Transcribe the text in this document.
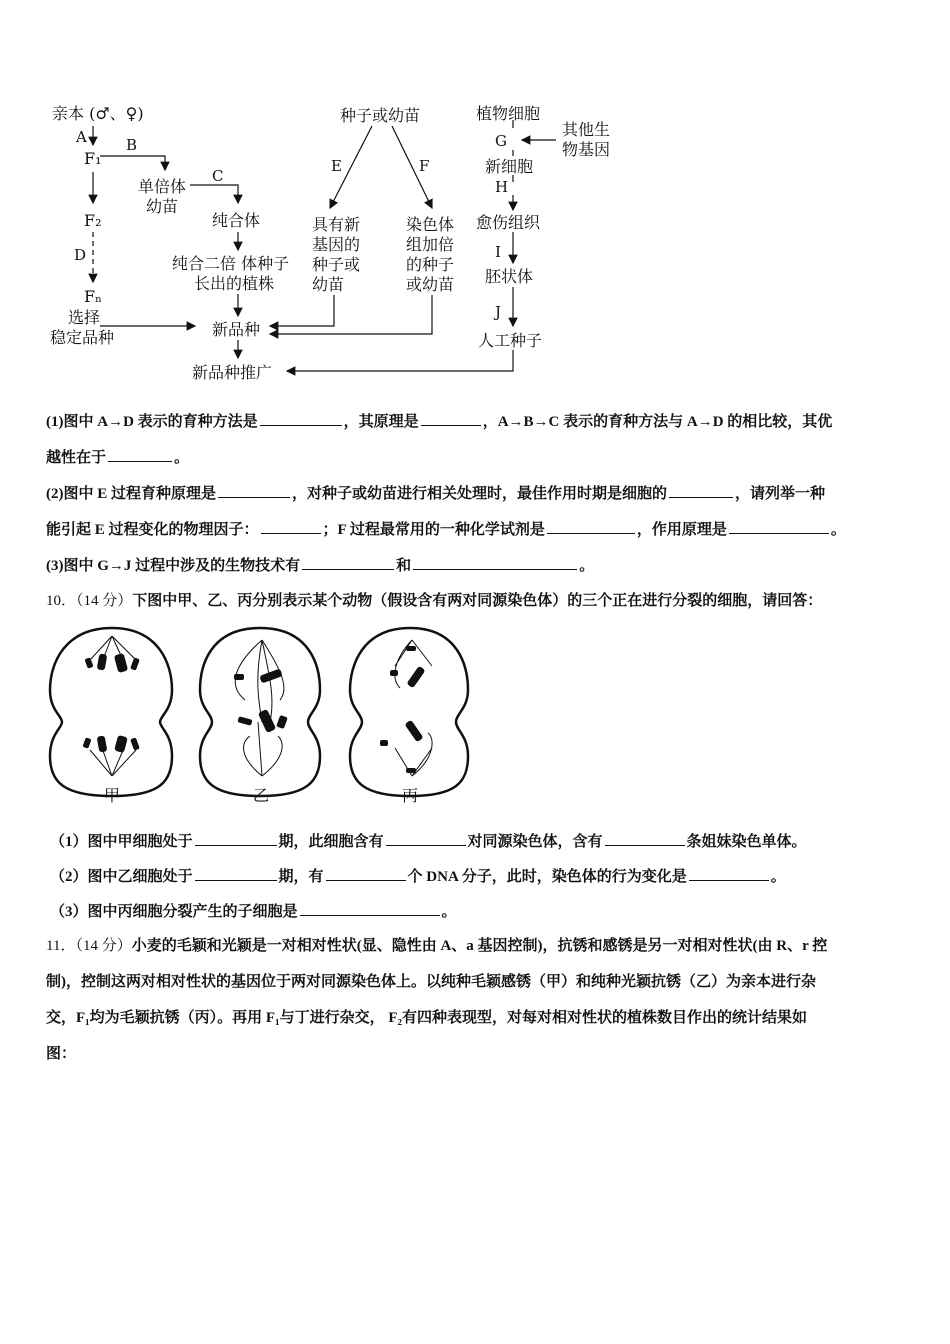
亲本 (♂、♀)
A
F₁
B
F₂
D
Fₙ
选择
稳定品种
单倍体
幼苗
C
纯合体
纯合二倍 体种子
长出的植株
新品种
新品种推广
种子或幼苗
E	F
具有新
基因的
种子或
幼苗
染色体
组加倍
的种子
或幼苗
植物细胞
G
其他生
物基因
新细胞
H
愈伤组织
I
胚状体
J
人工种子
(1)图中 A→D 表示的育种方法是	，其原理是	，A→B→C 表示的育种方法与 A→D 的相比较，其优
越性在于	。
(2)图中 E 过程育种原理是	，对种子或幼苗进行相关处理时，最佳作用时期是细胞的	，请列举一种
能引起 E 过程变化的物理因子：	；F 过程最常用的一种化学试剂是	，作用原理是	。
(3)图中 G→J 过程中涉及的生物技术有	和	。
10．（14 分）下图中甲、乙、丙分别表示某个动物（假设含有两对同源染色体）的三个正在进行分裂的细胞，请回答：
甲	乙	丙
（1）图中甲细胞处于	期，此细胞含有	对同源染色体，含有	条姐妹染色单体。
（2）图中乙细胞处于	期，有	个 DNA 分子，此时，染色体的行为变化是	。
（3）图中丙细胞分裂产生的子细胞是	。
11．（14 分）小麦的毛颖和光颖是一对相对性状(显、隐性由 A、a 基因控制)，抗锈和感锈是另一对相对性状(由 R、r 控
制)，控制这两对相对性状的基因位于两对同源染色体上。以纯种毛颖感锈（甲）和纯种光颖抗锈（乙）为亲本进行杂
交，F₁均为毛颖抗锈（丙）。再用 F₁与丁进行杂交， F₂有四种表现型，对每对相对性状的植株数目作出的统计结果如
图：
